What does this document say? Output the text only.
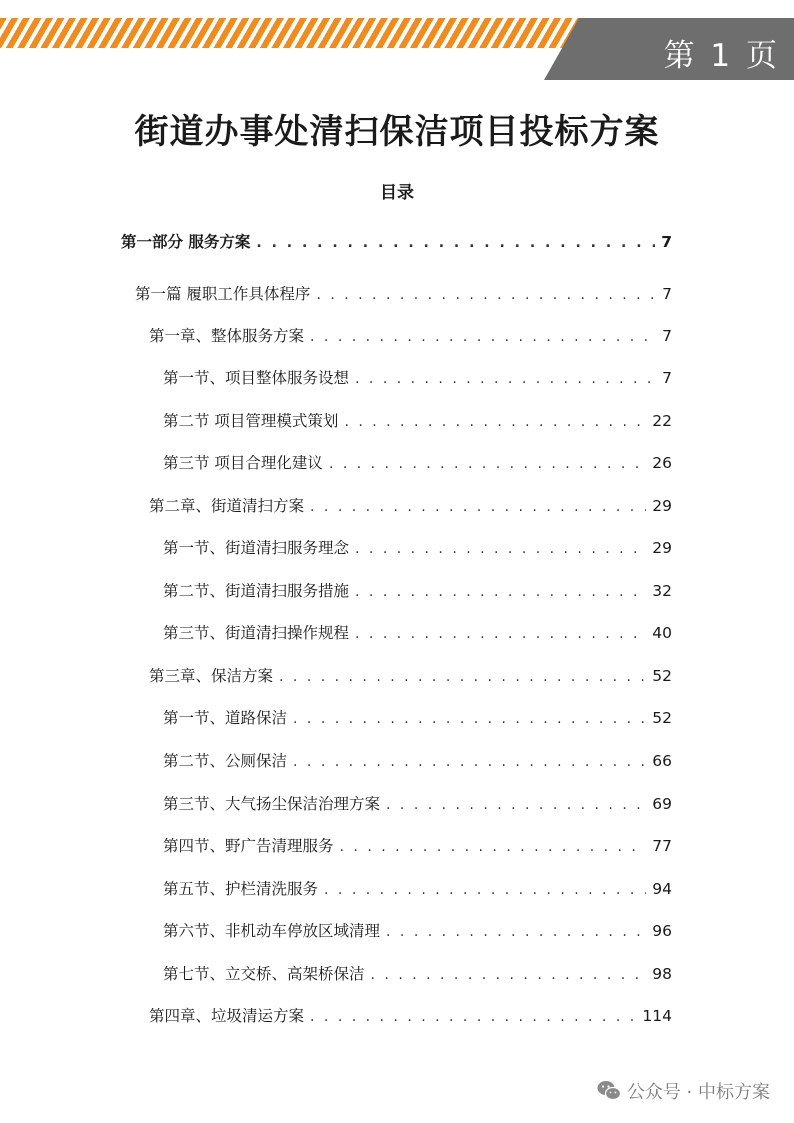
第 1 页
街道办事处清扫保洁项目投标方案
目录
第一部分 服务方案 . . .	7
第一篇 履职工作具体程序 . . .	7
第一章、整体服务方案 . . .	7
第一节、项目整体服务设想 . . .	7
第二节 项目管理模式策划 . . .	22
第三节 项目合理化建议 . . .	26
第二章、街道清扫方案 . . .	29
第一节、街道清扫服务理念 . . .	29
第二节、街道清扫服务措施 . . .	32
第三节、街道清扫操作规程 . . .	40
第三章、保洁方案 . . .	52
第一节、道路保洁 . . .	52
第二节、公厕保洁 . . .	66
第三节、大气扬尘保洁治理方案 . . .	69
第四节、野广告清理服务 . . .	77
第五节、护栏清洗服务 . . .	94
第六节、非机动车停放区域清理 . . .	96
第七节、立交桥、高架桥保洁 . . .	98
第四章、垃圾清运方案 . . .	114
公众号 · 中标方案
